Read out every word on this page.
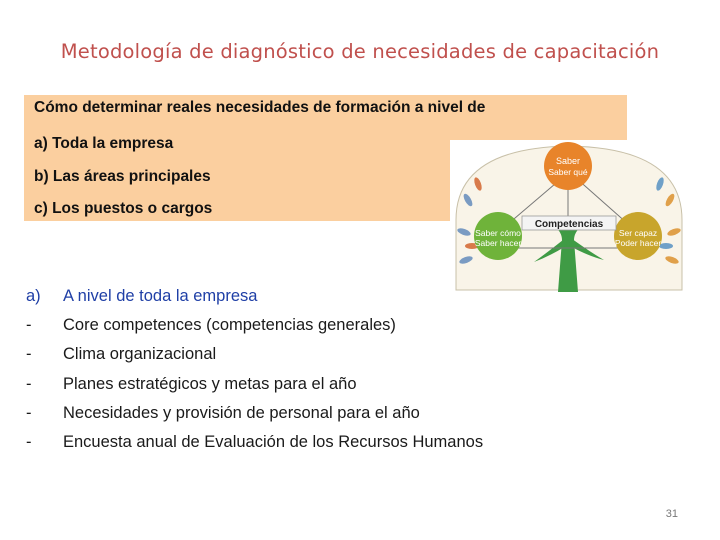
Metodología de diagnóstico de necesidades de capacitación
Cómo determinar reales necesidades de formación a nivel de
a) Toda la empresa
b) Las áreas principales
c) Los puestos o cargos
Saber
Saber qué
Competencias
Saber cómo
Saber hacer
Ser capaz
Poder hacer
a) A nivel de toda la empresa
- Core competences (competencias generales)
- Clima organizacional
- Planes estratégicos y metas para el año
- Necesidades y provisión de personal para el año
- Encuesta anual de Evaluación de los Recursos Humanos
31
